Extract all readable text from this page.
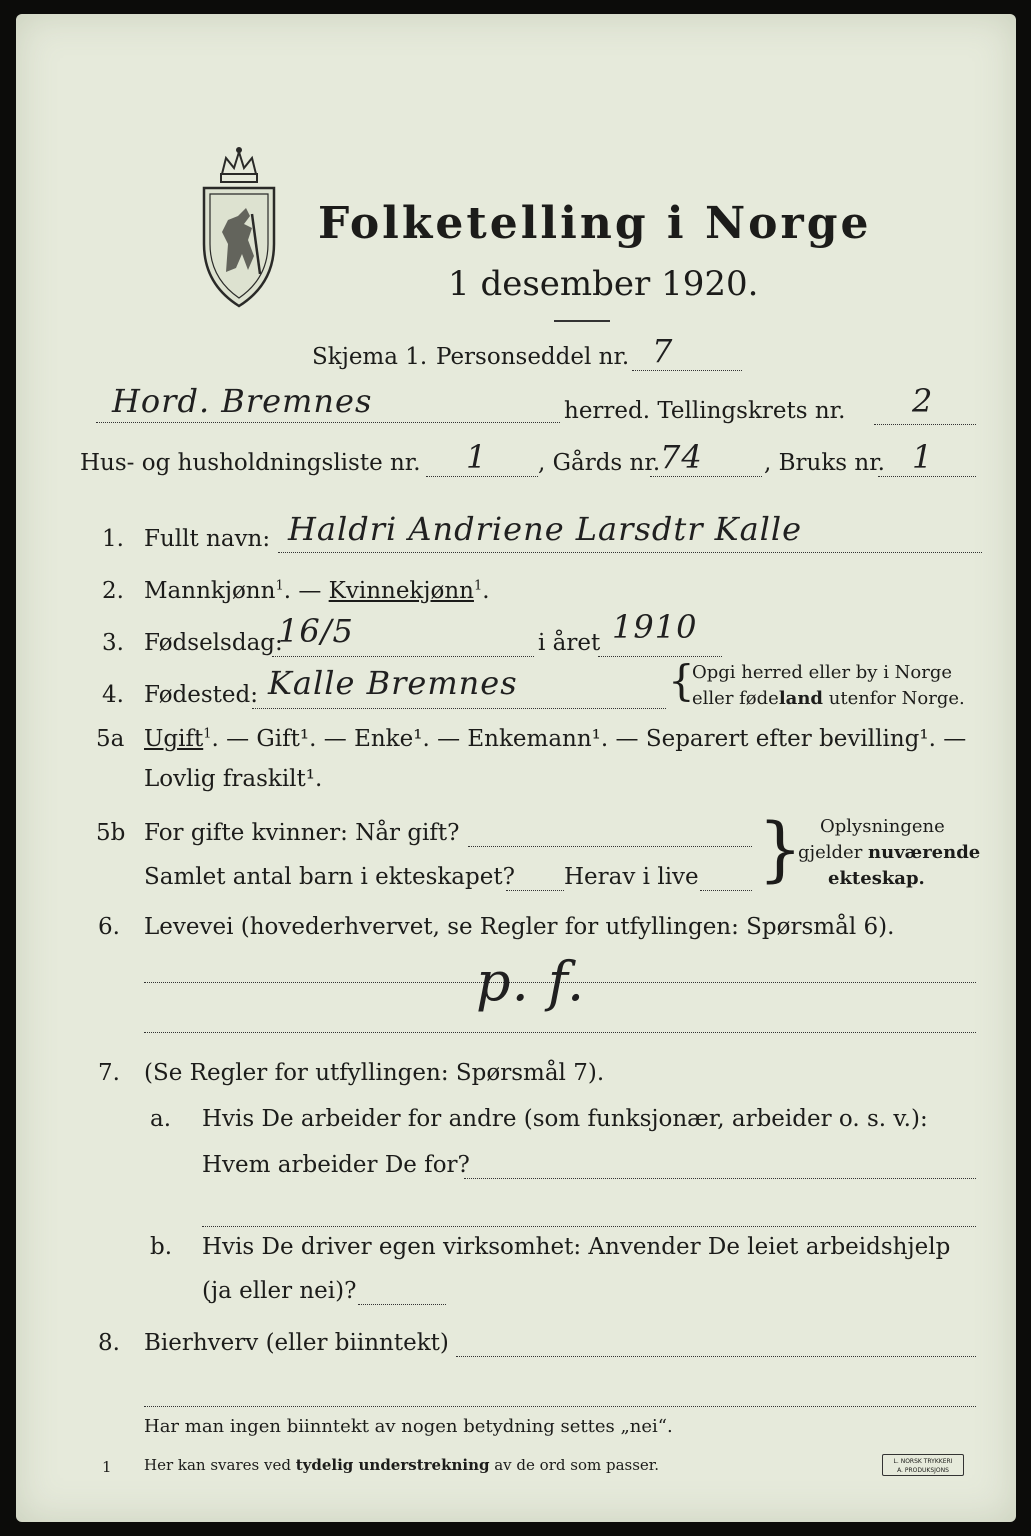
Folketelling i Norge
1 desember 1920.
Skjema 1. Personseddel nr. 7
Hord. Bremnes	herred. Tellingskrets nr. 2
Hus- og husholdningsliste nr. 1 , Gårds nr. 74	, Bruks nr. 1
1. Fullt navn: Haldri Andriene Larsdtr Kalle
2. Mannkjønn$^1$. — Kvinnekjønn$^1$.
3. Fødselsdag:
16/5	i året 1910
4. Fødested: Kalle Bremnes	{
Opgi herred eller by i Norge
eller fødeland utenfor Norge.
5a Ugift$^1$. — Gift¹. — Enke¹. — Enkemann¹. — Separert efter bevilling¹. —
Lovlig fraskilt¹.
5b For gifte kvinner: Når gift?
Samlet antal barn i ekteskapet? Herav i live } Oplysningene
gjelder nuværende
ekteskap.
6. Levevei (hovederhvervet, se Regler for utfyllingen: Spørsmål 6).
p. f.
7. (Se Regler for utfyllingen: Spørsmål 7).
a. Hvis De arbeider for andre (som funksjonær, arbeider o. s. v.):
Hvem arbeider De for?
b. Hvis De driver egen virksomhet: Anvender De leiet arbeidshjelp
(ja eller nei)?
8. Bierhverv (eller biinntekt)
Har man ingen biinntekt av nogen betydning settes „nei“.
1 Her kan svares ved tydelig understrekning av de ord som passer.	L. NORSK TRYKKERI
A. PRODUKSJONS
